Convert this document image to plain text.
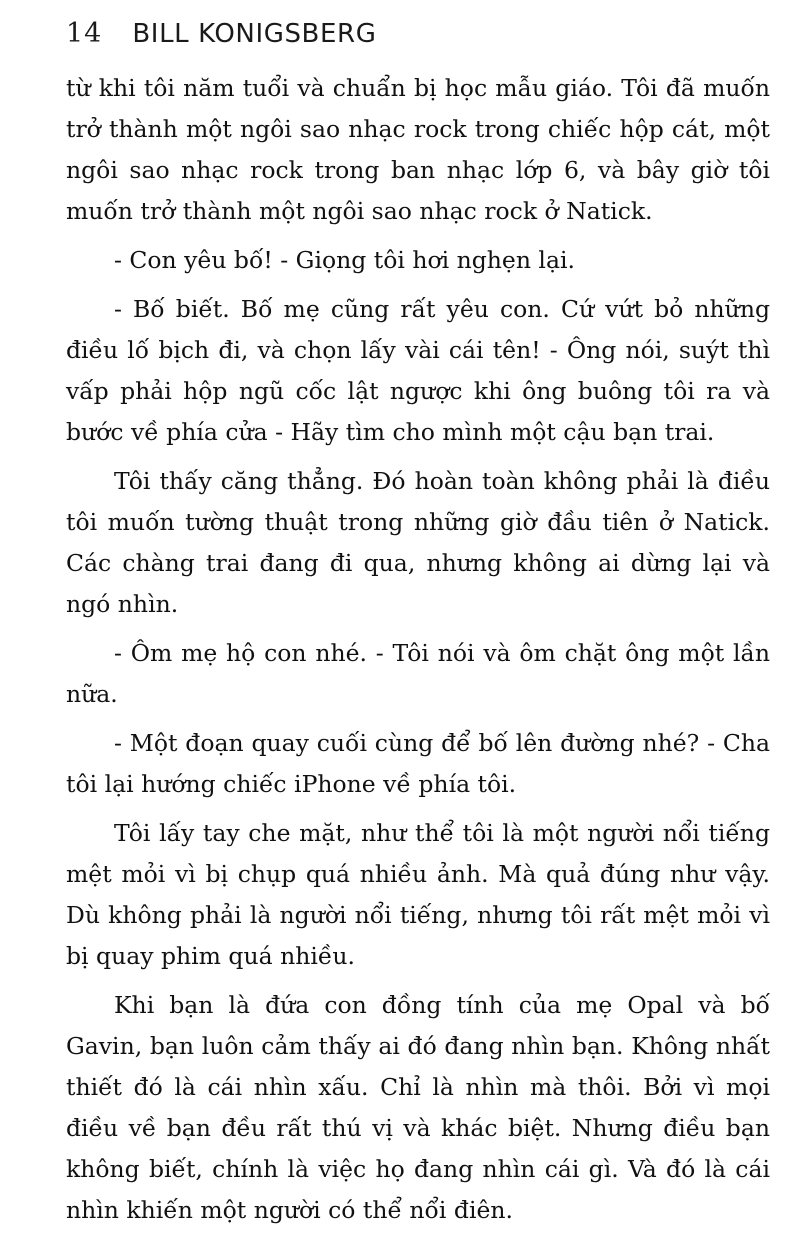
14 BILL KONIGSBERG

từ khi tôi năm tuổi và chuẩn bị học mẫu giáo. Tôi đã muốn trở thành một ngôi sao nhạc rock trong chiếc hộp cát, một ngôi sao nhạc rock trong ban nhạc lớp 6, và bây giờ tôi muốn trở thành một ngôi sao nhạc rock ở Natick.

- Con yêu bố! - Giọng tôi hơi nghẹn lại.

- Bố biết. Bố mẹ cũng rất yêu con. Cứ vứt bỏ những điều lố bịch đi, và chọn lấy vài cái tên! - Ông nói, suýt thì vấp phải hộp ngũ cốc lật ngược khi ông buông tôi ra và bước về phía cửa - Hãy tìm cho mình một cậu bạn trai.

Tôi thấy căng thẳng. Đó hoàn toàn không phải là điều tôi muốn tường thuật trong những giờ đầu tiên ở Natick. Các chàng trai đang đi qua, nhưng không ai dừng lại và ngó nhìn.

- Ôm mẹ hộ con nhé. - Tôi nói và ôm chặt ông một lần nữa.

- Một đoạn quay cuối cùng để bố lên đường nhé? - Cha tôi lại hướng chiếc iPhone về phía tôi.

Tôi lấy tay che mặt, như thể tôi là một người nổi tiếng mệt mỏi vì bị chụp quá nhiều ảnh. Mà quả đúng như vậy. Dù không phải là người nổi tiếng, nhưng tôi rất mệt mỏi vì bị quay phim quá nhiều.

Khi bạn là đứa con đồng tính của mẹ Opal và bố Gavin, bạn luôn cảm thấy ai đó đang nhìn bạn. Không nhất thiết đó là cái nhìn xấu. Chỉ là nhìn mà thôi. Bởi vì mọi điều về bạn đều rất thú vị và khác biệt. Nhưng điều bạn không biết, chính là việc họ đang nhìn cái gì. Và đó là cái nhìn khiến một người có thể nổi điên.
